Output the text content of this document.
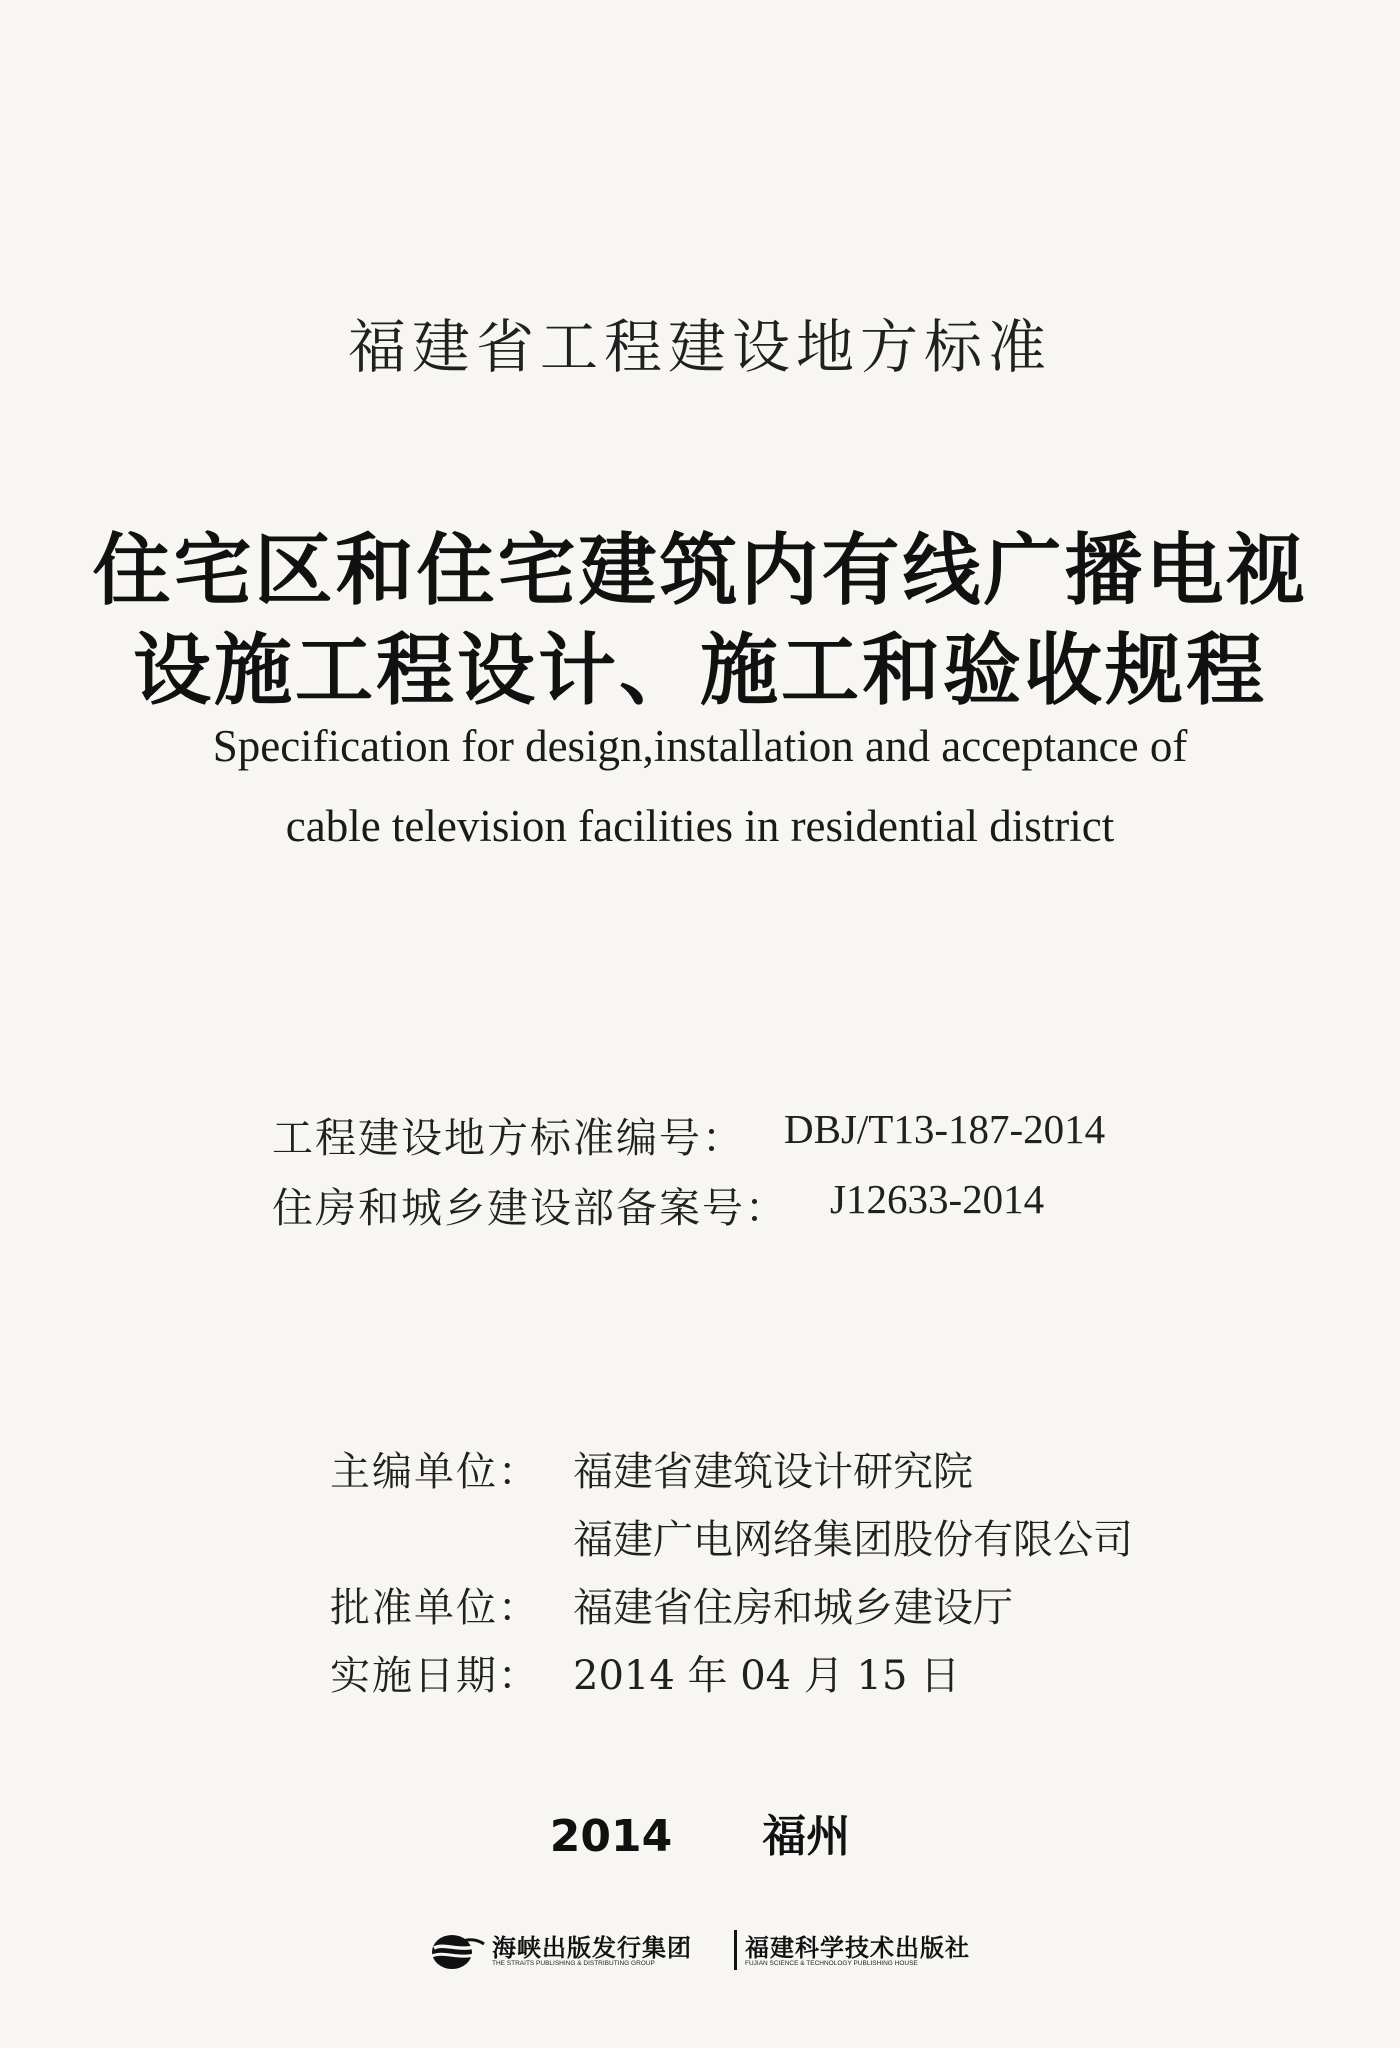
福建省工程建设地方标准
住宅区和住宅建筑内有线广播电视
设施工程设计、施工和验收规程
Specification for design,installation and acceptance of
cable television facilities in residential district
工程建设地方标准编号： DBJ/T13-187-2014
住房和城乡建设部备案号： J12633-2014
主编单位： 福建省建筑设计研究院
福建广电网络集团股份有限公司
批准单位： 福建省住房和城乡建设厅
实施日期： 2014 年 04 月 15 日
2014 福州
海峡出版发行集团
THE STRAITS PUBLISHING & DISTRIBUTING GROUP
福建科学技术出版社
FUJIAN SCIENCE & TECHNOLOGY PUBLISHING HOUSE
